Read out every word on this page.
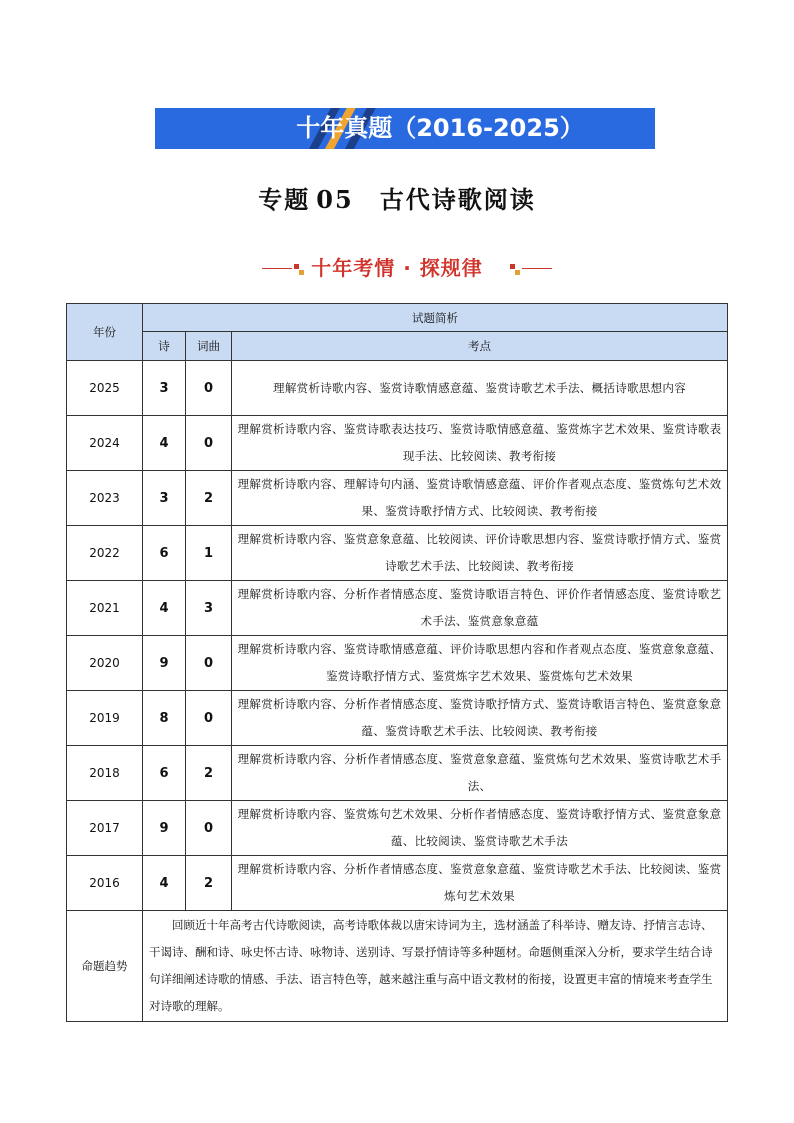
十年真题（2016-2025）
专题 05 古代诗歌阅读
十年考情 · 探规律
年份	试题简析		
	诗	词曲	考点
2025	3	0	理解赏析诗歌内容、鉴赏诗歌情感意蕴、鉴赏诗歌艺术手法、概括诗歌思想内容
2024	4	0	理解赏析诗歌内容、鉴赏诗歌表达技巧、鉴赏诗歌情感意蕴、鉴赏炼字艺术效果、鉴赏诗歌表现手法、比较阅读、教考衔接
2023	3	2	理解赏析诗歌内容、理解诗句内涵、鉴赏诗歌情感意蕴、评价作者观点态度、鉴赏炼句艺术效果、鉴赏诗歌抒情方式、比较阅读、教考衔接
2022	6	1	理解赏析诗歌内容、鉴赏意象意蕴、比较阅读、评价诗歌思想内容、鉴赏诗歌抒情方式、鉴赏诗歌艺术手法、比较阅读、教考衔接
2021	4	3	理解赏析诗歌内容、分析作者情感态度、鉴赏诗歌语言特色、评价作者情感态度、鉴赏诗歌艺术手法、鉴赏意象意蕴
2020	9	0	理解赏析诗歌内容、鉴赏诗歌情感意蕴、评价诗歌思想内容和作者观点态度、鉴赏意象意蕴、鉴赏诗歌抒情方式、鉴赏炼字艺术效果、鉴赏炼句艺术效果
2019	8	0	理解赏析诗歌内容、分析作者情感态度、鉴赏诗歌抒情方式、鉴赏诗歌语言特色、鉴赏意象意蕴、鉴赏诗歌艺术手法、比较阅读、教考衔接
2018	6	2	理解赏析诗歌内容、分析作者情感态度、鉴赏意象意蕴、鉴赏炼句艺术效果、鉴赏诗歌艺术手法、
2017	9	0	理解赏析诗歌内容、鉴赏炼句艺术效果、分析作者情感态度、鉴赏诗歌抒情方式、鉴赏意象意蕴、比较阅读、鉴赏诗歌艺术手法
2016	4	2	理解赏析诗歌内容、分析作者情感态度、鉴赏意象意蕴、鉴赏诗歌艺术手法、比较阅读、鉴赏炼句艺术效果
命题趋势	回顾近十年高考古代诗歌阅读，高考诗歌体裁以唐宋诗词为主，选材涵盖了科举诗、赠友诗、抒情言志诗、干谒诗、酬和诗、咏史怀古诗、咏物诗、送别诗、写景抒情诗等多种题材。命题侧重深入分析，要求学生结合诗句详细阐述诗歌的情感、手法、语言特色等，越来越注重与高中语文教材的衔接，设置更丰富的情境来考查学生对诗歌的理解。		
